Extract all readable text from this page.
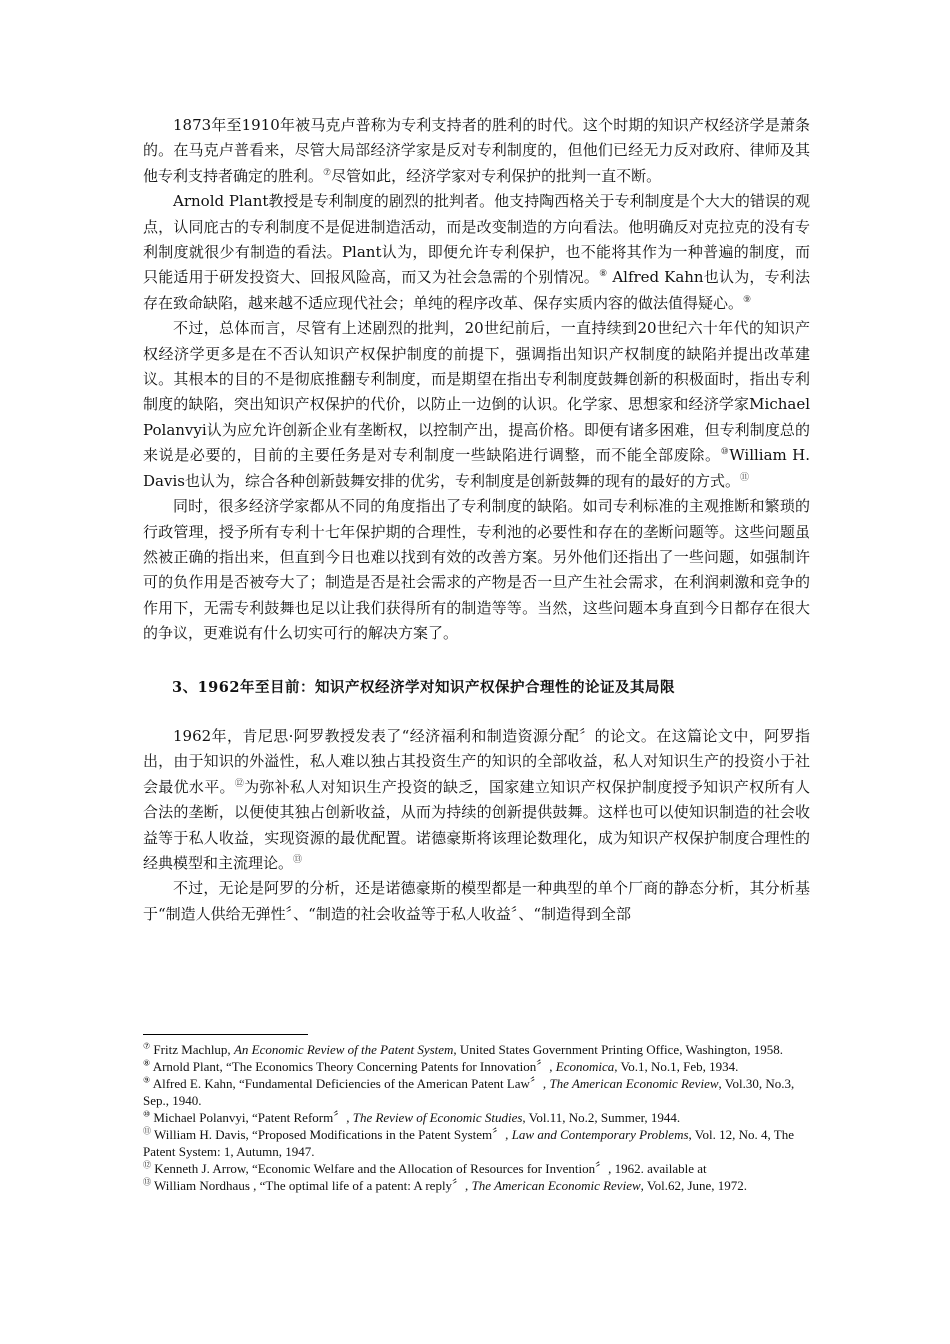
1873年至1910年被马克卢普称为专利支持者的胜利的时代。这个时期的知识产权经济学是萧条的。在马克卢普看来，尽管大局部经济学家是反对专利制度的，但他们已经无力反对政府、律师及其他专利支持者确定的胜利。⑦尽管如此，经济学家对专利保护的批判一直不断。

Arnold Plant教授是专利制度的剧烈的批判者。他支持陶西格关于专利制度是个大大的错误的观点，认同庇古的专利制度不是促进制造活动，而是改变制造的方向看法。他明确反对克拉克的没有专利制度就很少有制造的看法。Plant认为，即便允许专利保护，也不能将其作为一种普遍的制度，而只能适用于研发投资大、回报风险高，而又为社会急需的个别情况。⑧ Alfred Kahn也认为，专利法存在致命缺陷，越来越不适应现代社会；单纯的程序改革、保存实质内容的做法值得疑心。⑨

不过，总体而言，尽管有上述剧烈的批判，20世纪前后，一直持续到20世纪六十年代的知识产权经济学更多是在不否认知识产权保护制度的前提下，强调指出知识产权制度的缺陷并提出改革建议。其根本的目的不是彻底推翻专利制度，而是期望在指出专利制度鼓舞创新的积极面时，指出专利制度的缺陷，突出知识产权保护的代价，以防止一边倒的认识。化学家、思想家和经济学家Michael Polanvyi认为应允许创新企业有垄断权，以控制产出，提高价格。即便有诸多困难，但专利制度总的来说是必要的，目前的主要任务是对专利制度一些缺陷进行调整，而不能全部废除。⑩William H. Davis也认为，综合各种创新鼓舞安排的优劣，专利制度是创新鼓舞的现有的最好的方式。⑪

同时，很多经济学家都从不同的角度指出了专利制度的缺陷。如司专利标准的主观推断和繁琐的行政管理，授予所有专利十七年保护期的合理性，专利池的必要性和存在的垄断问题等。这些问题虽然被正确的指出来，但直到今日也难以找到有效的改善方案。另外他们还指出了一些问题，如强制许可的负作用是否被夸大了；制造是否是社会需求的产物是否一旦产生社会需求，在利润刺激和竞争的作用下，无需专利鼓舞也足以让我们获得所有的制造等等。当然，这些问题本身直到今日都存在很大的争议，更难说有什么切实可行的解决方案了。

3、1962年至目前：知识产权经济学对知识产权保护合理性的论证及其局限

1962年，肯尼思·阿罗教授发表了“经济福利和制造资源分配〞的论文。在这篇论文中，阿罗指出，由于知识的外溢性，私人难以独占其投资生产的知识的全部收益，私人对知识生产的投资小于社会最优水平。⑫为弥补私人对知识生产投资的缺乏，国家建立知识产权保护制度授予知识产权所有人合法的垄断，以便使其独占创新收益，从而为持续的创新提供鼓舞。这样也可以使知识制造的社会收益等于私人收益，实现资源的最优配置。诺德豪斯将该理论数理化，成为知识产权保护制度合理性的经典模型和主流理论。⑬

不过，无论是阿罗的分析，还是诺德豪斯的模型都是一种典型的单个厂商的静态分析，其分析基于“制造人供给无弹性〞、“制造的社会收益等于私人收益〞、“制造得到全部

⑦ Fritz Machlup, An Economic Review of the Patent System, United States Government Printing Office, Washington, 1958.

⑧ Arnold Plant, “The Economics Theory Concerning Patents for Innovation〞, Economica, Vo.1, No.1, Feb, 1934.

⑨ Alfred E. Kahn, “Fundamental Deficiencies of the American Patent Law〞, The American Economic Review, Vol.30, No.3, Sep., 1940.

⑩ Michael Polanvyi, “Patent Reform〞, The Review of Economic Studies, Vol.11, No.2, Summer, 1944.

⑪ William H. Davis, “Proposed Modifications in the Patent System〞, Law and Contemporary Problems, Vol. 12, No. 4, The Patent System: 1, Autumn, 1947.

⑫ Kenneth J. Arrow, “Economic Welfare and the Allocation of Resources for Invention〞, 1962. available at

⑬ William Nordhaus , “The optimal life of a patent: A reply〞, The American Economic Review, Vol.62, June, 1972.
